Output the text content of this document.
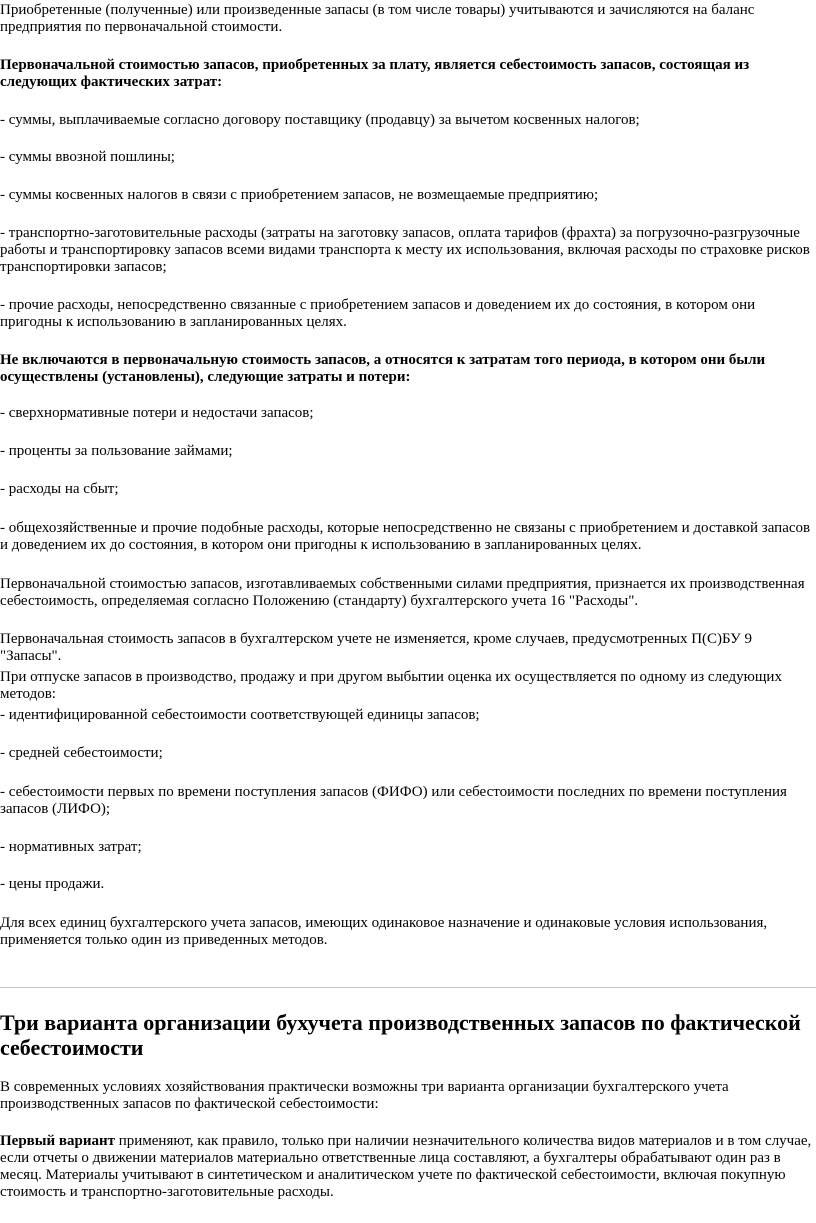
Приобретенные (полученные) или произведенные запасы (в том числе товары) учитываются и зачисляются на баланс предприятия по первоначальной стоимости.

Первоначальной стоимостью запасов, приобретенных за плату, является себестоимость запасов, состоящая из следующих фактических затрат:

- суммы, выплачиваемые согласно договору поставщику (продавцу) за вычетом косвенных налогов;

- суммы ввозной пошлины;

- суммы косвенных налогов в связи с приобретением запасов, не возмещаемые предприятию;

- транспортно-заготовительные расходы (затраты на заготовку запасов, оплата тарифов (фрахта) за погрузочно-разгрузочные работы и транспортировку запасов всеми видами транспорта к месту их использования, включая расходы по страховке рисков транспортировки запасов;

- прочие расходы, непосредственно связанные с приобретением запасов и доведением их до состояния, в котором они пригодны к использованию в запланированных целях.

Не включаются в первоначальную стоимость запасов, а относятся к затратам того периода, в котором они были осуществлены (установлены), следующие затраты и потери:

- сверхнормативные потери и недостачи запасов;

- проценты за пользование займами;

- расходы на сбыт;

- общехозяйственные и прочие подобные расходы, которые непосредственно не связаны с приобретением и доставкой запасов и доведением их до состояния, в котором они пригодны к использованию в запланированных целях.

Первоначальной стоимостью запасов, изготавливаемых собственными силами предприятия, признается их производственная себестоимость, определяемая согласно Положению (стандарту) бухгалтерского учета 16 "Расходы".

Первоначальная стоимость запасов в бухгалтерском учете не изменяется, кроме случаев, предусмотренных П(С)БУ 9 "Запасы".

При отпуске запасов в производство, продажу и при другом выбытии оценка их осуществляется по одному из следующих методов:

- идентифицированной себестоимости соответствующей единицы запасов;

- средней себестоимости;

- себестоимости первых по времени поступления запасов (ФИФО) или себестоимости последних по времени поступления запасов (ЛИФО);

- нормативных затрат;

- цены продажи.

Для всех единиц бухгалтерского учета запасов, имеющих одинаковое назначение и одинаковые условия использования, применяется только один из приведенных методов.

Три варианта организации бухучета производственных запасов по фактической себестоимости

В современных условиях хозяйствования практически возможны три варианта организации бухгалтерского учета производственных запасов по фактической себестоимости:

Первый вариант применяют, как правило, только при наличии незначительного количества видов материалов и в том случае, если отчеты о движении материалов материально ответственные лица составляют, а бухгалтеры обрабатывают один раз в месяц. Материалы учитывают в синтетическом и аналитическом учете по фактической себестоимости, включая покупную стоимость и транспортно-заготовительные расходы.
